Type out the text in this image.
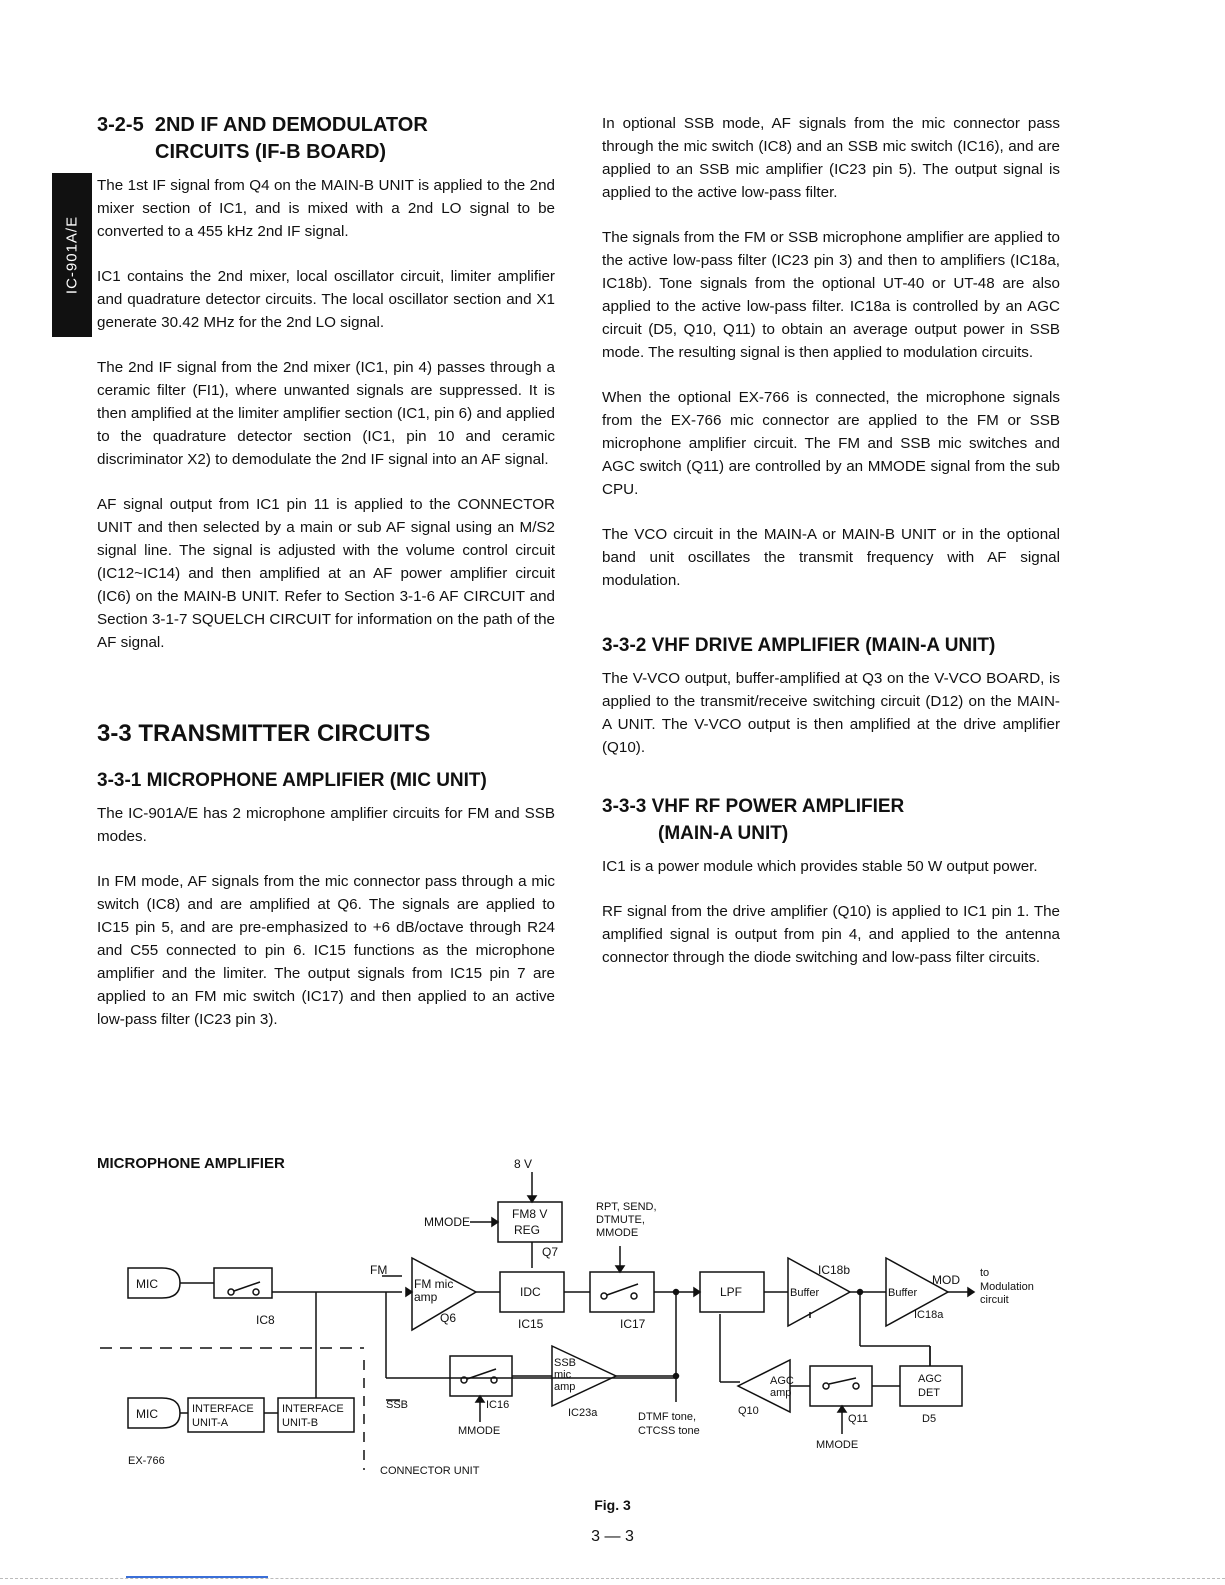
IC-901A/E
3-2-5 2ND IF AND DEMODULATOR
CIRCUITS (IF-B BOARD)

The 1st IF signal from Q4 on the MAIN-B UNIT is applied to the 2nd mixer section of IC1, and is mixed with a 2nd LO signal to be converted to a 455 kHz 2nd IF signal.

IC1 contains the 2nd mixer, local oscillator circuit, limiter amplifier and quadrature detector circuits. The local oscillator section and X1 generate 30.42 MHz for the 2nd LO signal.

The 2nd IF signal from the 2nd mixer (IC1, pin 4) passes through a ceramic filter (FI1), where unwanted signals are suppressed. It is then amplified at the limiter amplifier section (IC1, pin 6) and applied to the quadrature detector section (IC1, pin 10 and ceramic discriminator X2) to demodulate the 2nd IF signal into an AF signal.

AF signal output from IC1 pin 11 is applied to the CONNECTOR UNIT and then selected by a main or sub AF signal using an M/S2 signal line. The signal is adjusted with the volume control circuit (IC12~IC14) and then amplified at an AF power amplifier circuit (IC6) on the MAIN-B UNIT. Refer to Section 3-1-6 AF CIRCUIT and Section 3-1-7 SQUELCH CIRCUIT for information on the path of the AF signal.

3-3 TRANSMITTER CIRCUITS
3-3-1 MICROPHONE AMPLIFIER (MIC UNIT)

The IC-901A/E has 2 microphone amplifier circuits for FM and SSB modes.

In FM mode, AF signals from the mic connector pass through a mic switch (IC8) and are amplified at Q6. The signals are applied to IC15 pin 5, and are pre-emphasized to +6 dB/octave through R24 and C55 connected to pin 6. IC15 functions as the microphone amplifier and the limiter. The output signals from IC15 pin 7 are applied to an FM mic switch (IC17) and then applied to an active low-pass filter (IC23 pin 3).

In optional SSB mode, AF signals from the mic connector pass through the mic switch (IC8) and an SSB mic switch (IC16), and are applied to an SSB mic amplifier (IC23 pin 5). The output signal is applied to the active low-pass filter.

The signals from the FM or SSB microphone amplifier are applied to the active low-pass filter (IC23 pin 3) and then to amplifiers (IC18a, IC18b). Tone signals from the optional UT-40 or UT-48 are also applied to the active low-pass filter. IC18a is controlled by an AGC circuit (D5, Q10, Q11) to obtain an average output power in SSB mode. The resulting signal is then applied to modulation circuits.

When the optional EX-766 is connected, the microphone signals from the EX-766 mic connector are applied to the FM or SSB microphone amplifier circuit. The FM and SSB mic switches and AGC switch (Q11) are controlled by an MMODE signal from the sub CPU.

The VCO circuit in the MAIN-A or MAIN-B UNIT or in the optional band unit oscillates the transmit frequency with AF signal modulation.

3-3-2 VHF DRIVE AMPLIFIER (MAIN-A UNIT)

The V-VCO output, buffer-amplified at Q3 on the V-VCO BOARD, is applied to the transmit/receive switching circuit (D12) on the MAIN-A UNIT. The V-VCO output is then amplified at the drive amplifier (Q10).

3-3-3 VHF RF POWER AMPLIFIER
(MAIN-A UNIT)

IC1 is a power module which provides stable 50 W output power.

RF signal from the drive amplifier (Q10) is applied to IC1 pin 1. The amplified signal is output from pin 4, and applied to the antenna connector through the diode switching and low-pass filter circuits.

MICROPHONE AMPLIFIER	8 V
MMODE
FM8 V
REG
Q7
RPT, SEND,
DTMUTE,
MMODE
MIC
IC8
FM
FM mic
amp
Q6
IDC
IC15	IC17
LPF
IC18b
Buffer	Buffer
MOD to
Modulation
circuit
IC18a
SSB
mic
amp
IC23a
IC16
MMODE
SSB
DTMF tone,
CTCSS tone
AGC
amp
Q10
Q11
MMODE
AGC
DET
D5
MIC	INTERFACE
UNIT-A
INTERFACE
UNIT-B
EX-766
CONNECTOR UNIT
Fig. 3
3 — 3
